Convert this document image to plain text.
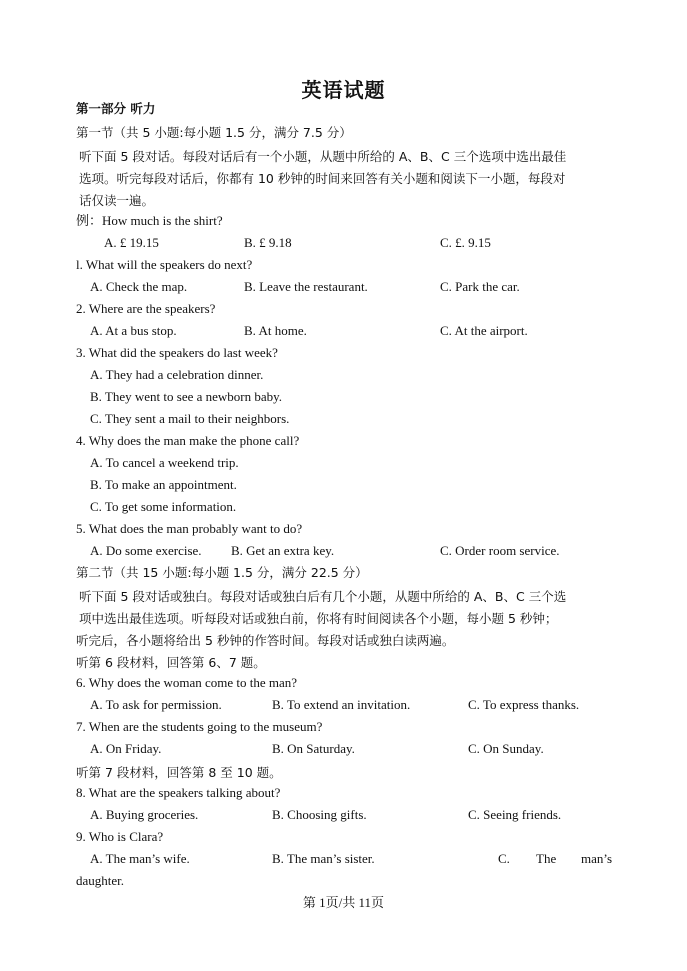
英语试题
第一部分 听力
第一节（共 5 小题:每小题 1.5 分，满分 7.5 分）
听下面 5 段对话。每段对话后有一个小题，从题中所给的 A、B、C 三个选项中选出最佳
选项。听完每段对话后，你都有 10 秒钟的时间来回答有关小题和阅读下一小题，每段对
话仅读一遍。
例：How much is the shirt?
A. £ 19.15	B. £ 9.18	C. £. 9.15
l. What will the speakers do next?
A. Check the map.	B. Leave the restaurant.	C. Park the car.
2. Where are the speakers?
A. At a bus stop.	B. At home.	C. At the airport.
3. What did the speakers do last week?
A. They had a celebration dinner.
B. They went to see a newborn baby.
C. They sent a mail to their neighbors.
4. Why does the man make the phone call?
A. To cancel a weekend trip.
B. To make an appointment.
C. To get some information.
5. What does the man probably want to do?
A. Do some exercise. B. Get an extra key.	C. Order room service.
第二节（共 15 小题:每小题 1.5 分，满分 22.5 分）
听下面 5 段对话或独白。每段对话或独白后有几个小题，从题中所给的 A、B、C 三个选
项中选出最佳选项。听每段对话或独白前，你将有时间阅读各个小题，每小题 5 秒钟；
听完后，各小题将给出 5 秒钟的作答时间。每段对话或独白读两遍。
听第 6 段材料，回答第 6、7 题。
6. Why does the woman come to the man?
A. To ask for permission.	B. To extend an invitation.	C. To express thanks.
7. When are the students going to the museum?
A. On Friday.	B. On Saturday.	C. On Sunday.
听第 7 段材料，回答第 8 至 10 题。
8. What are the speakers talking about?
A. Buying groceries.	B. Choosing gifts.	C. Seeing friends.
9. Who is Clara?
A. The man’s wife.	B. The man’s sister.	C. The man’s
daughter.
第 1页/共 11页
